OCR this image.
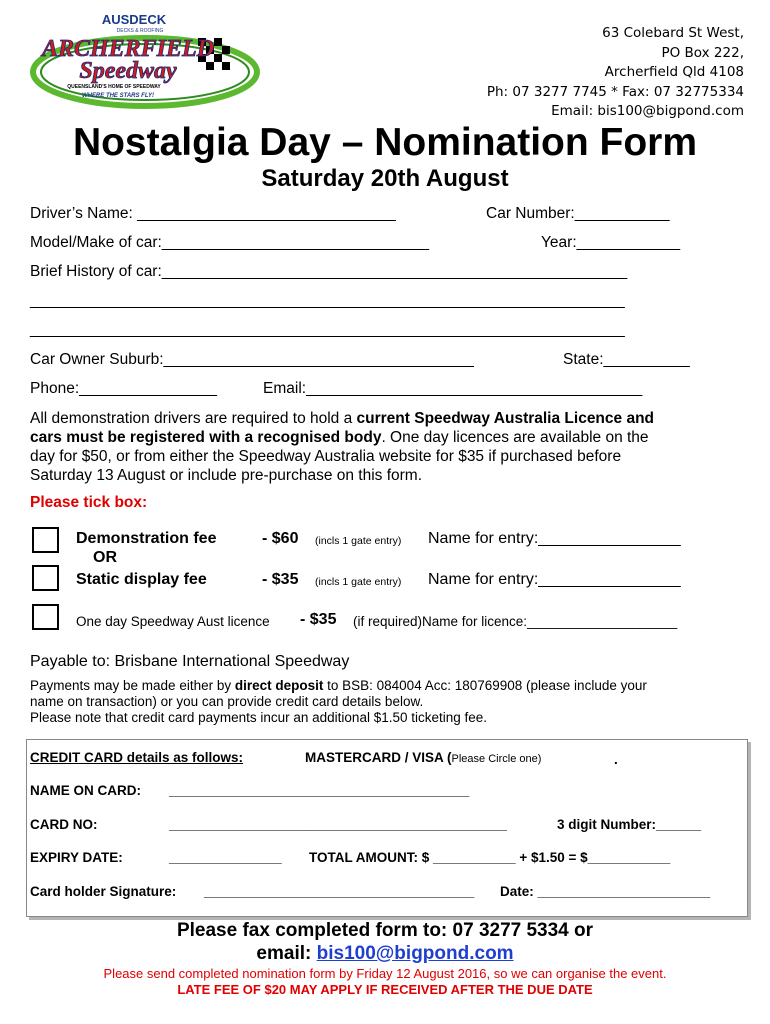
AUSDECK
DECKS & ROOFING
ARCHERFIELD
Speedway
QUEENSLAND'S HOME OF SPEEDWAY
WHERE THE STARS FLY!
63 Colebard St West,
PO Box 222,
Archerfield Qld 4108
Ph: 07 3277 7745 * Fax: 07 32775334
Email: bis100@bigpond.com
Nostalgia Day – Nomination Form
Saturday 20th August
Driver’s Name: ______________________________	Car Number:___________
Model/Make of car:_______________________________	Year:____________
Brief History of car:______________________________________________________
_____________________________________________________________________
_____________________________________________________________________
Car Owner Suburb:____________________________________	State:__________
Phone:________________	Email:_______________________________________
All demonstration drivers are required to hold a current Speedway Australia Licence and
cars must be registered with a recognised body. One day licences are available on the
day for $50, or from either the Speedway Australia website for $35 if purchased before
Saturday 13 August or include pre-purchase on this form.
Please tick box:
Demonstration fee	- $60 (incls 1 gate entry) Name for entry:________________
OR
Static display fee	- $35 (incls 1 gate entry) Name for entry:________________
One day Speedway Aust licence - $35 (if required)Name for licence:____________________
Payable to: Brisbane International Speedway
Payments may be made either by direct deposit to BSB: 084004 Acc: 180769908 (please include your
name on transaction) or you can provide credit card details below.
Please note that credit card payments incur an additional $1.50 ticketing fee.
CREDIT CARD details as follows:	MASTERCARD / VISA (Please Circle one)	.
NAME ON CARD: ________________________________________
CARD NO:	_____________________________________________	3 digit Number:______
EXPIRY DATE:	_______________ TOTAL AMOUNT: $ ___________ + $1.50 = $___________
Card holder Signature: ____________________________________ Date: _______________________
Please fax completed form to: 07 3277 5334 or
email: bis100@bigpond.com
Please send completed nomination form by Friday 12 August 2016, so we can organise the event.
LATE FEE OF $20 MAY APPLY IF RECEIVED AFTER THE DUE DATE
